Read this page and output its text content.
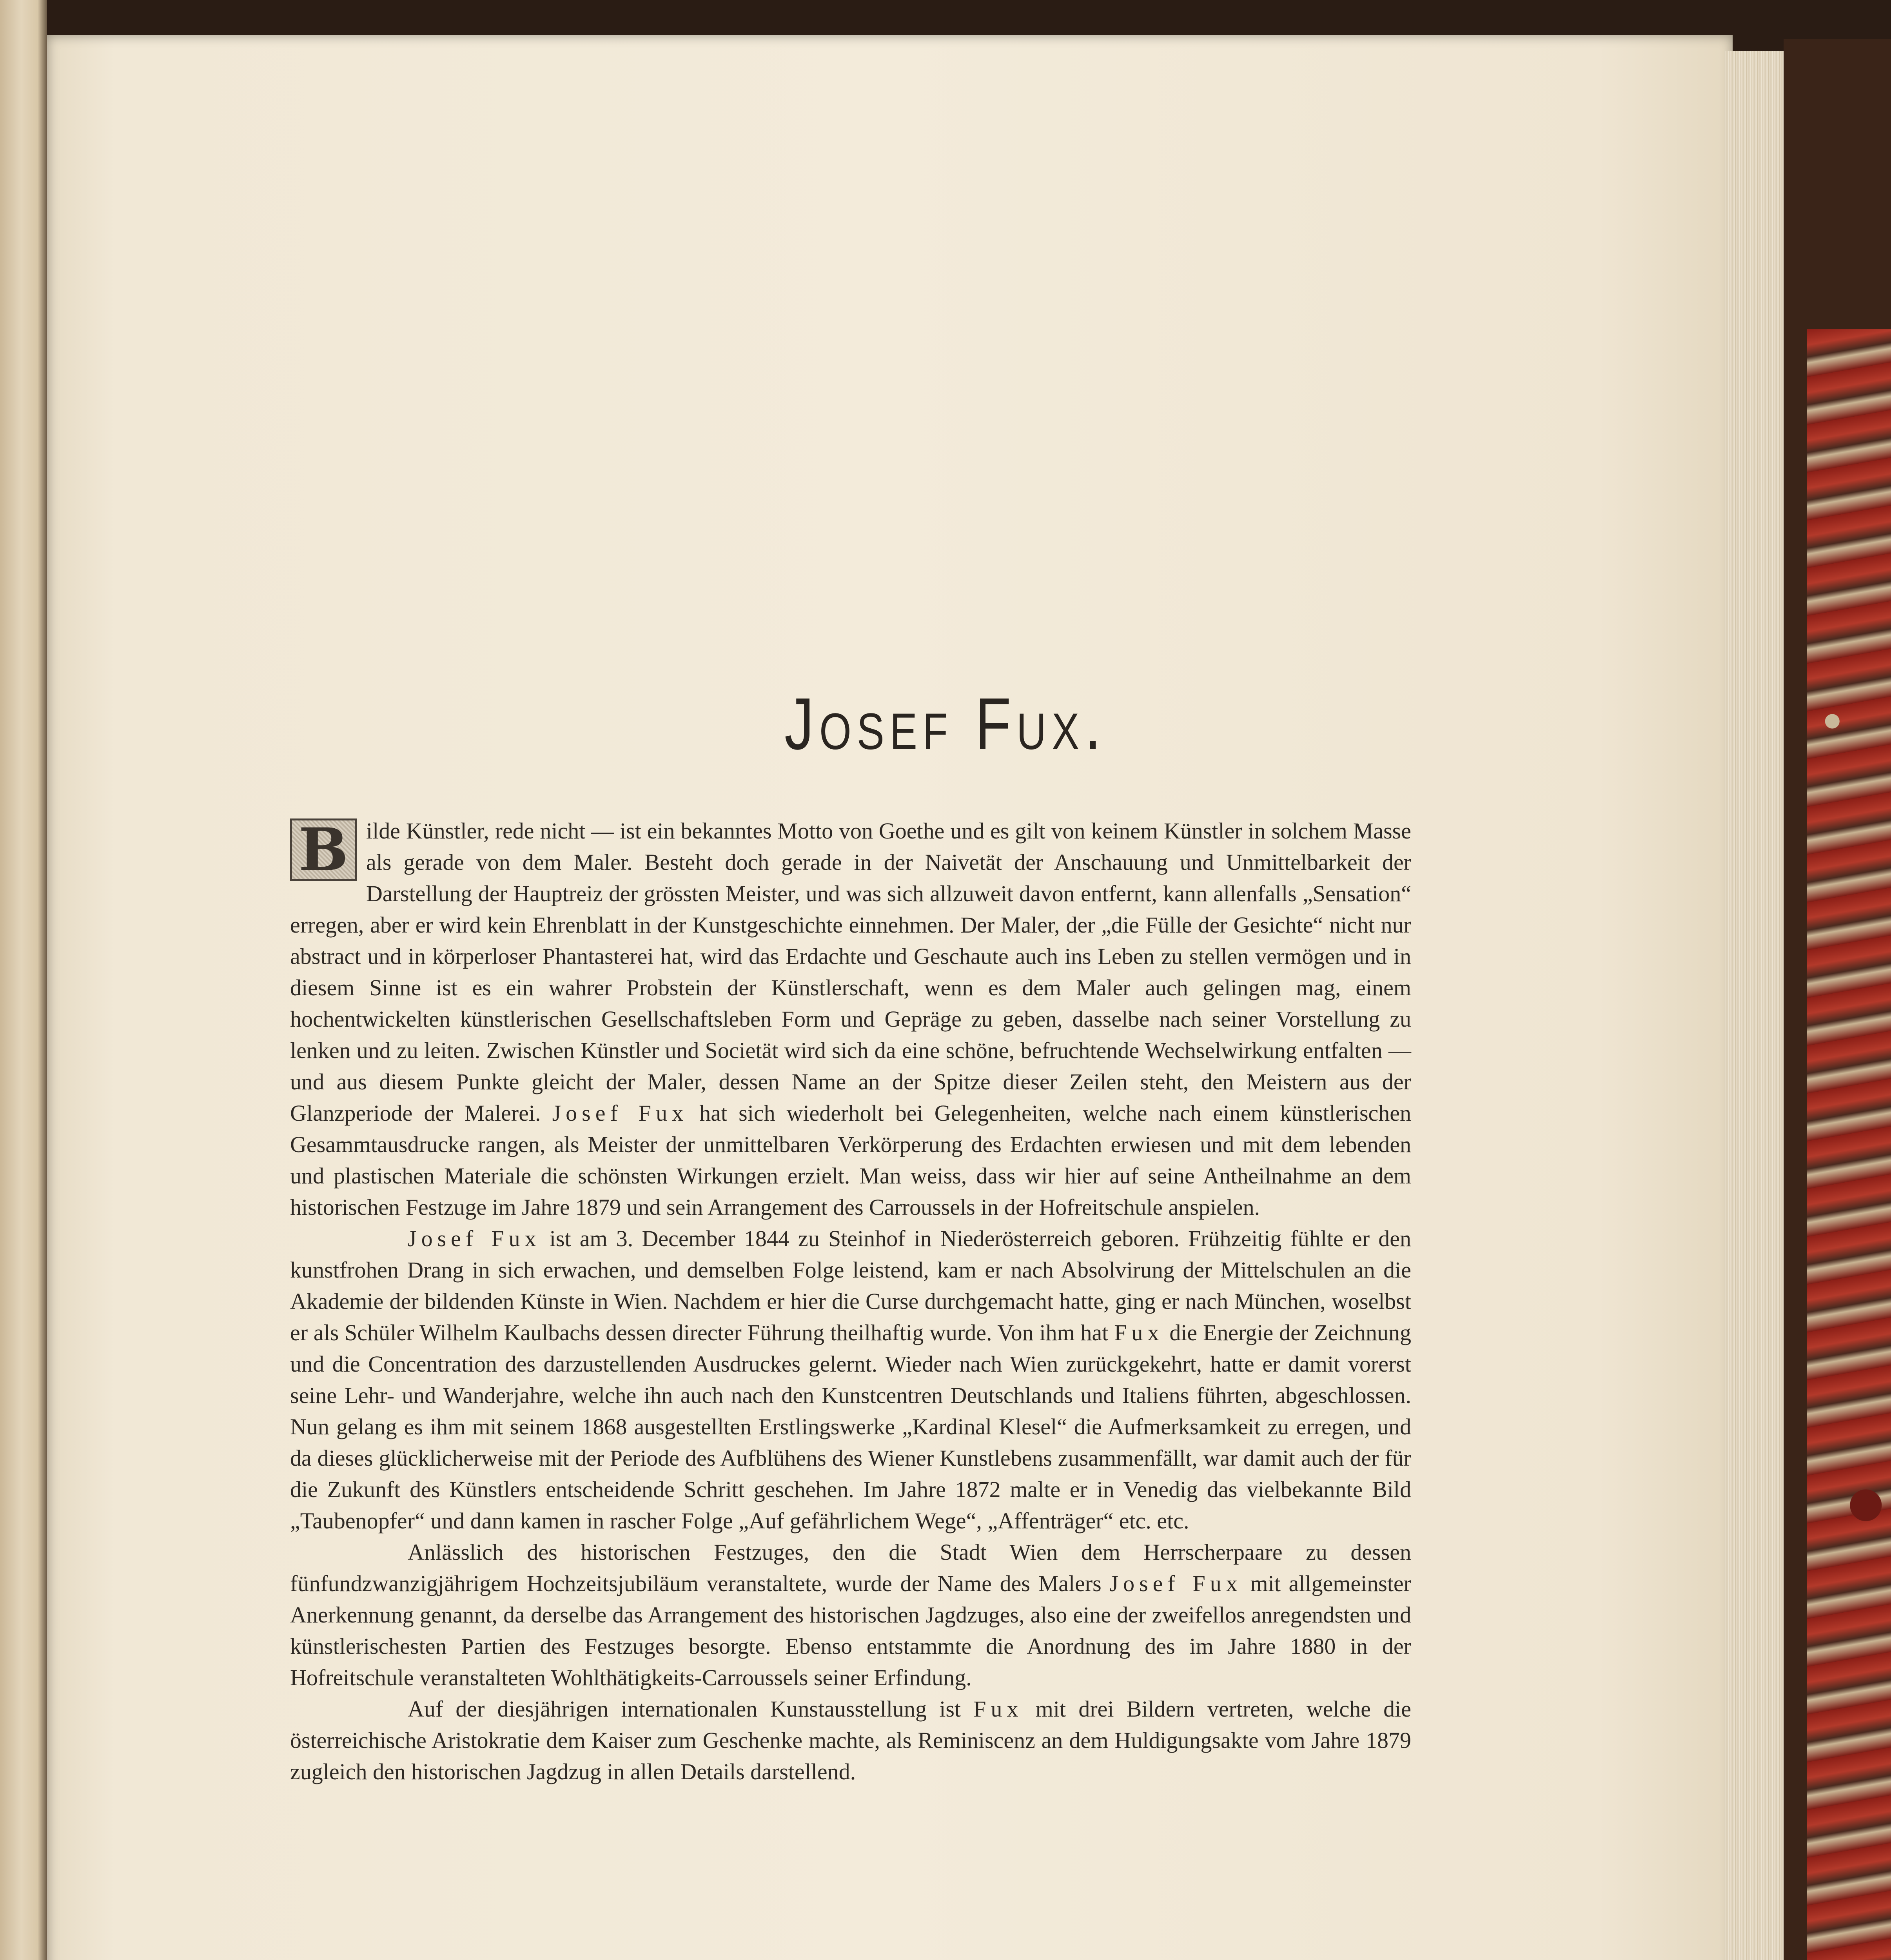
Josef Fux.

B ilde Künstler, rede nicht — ist ein bekanntes Motto von Goethe und es gilt von keinem Künstler in solchem Masse als gerade von dem Maler. Besteht doch gerade in der Naivetät der Anschauung und Unmittelbarkeit der Darstellung der Hauptreiz der grössten Meister, und was sich allzuweit davon entfernt, kann allenfalls „Sensation“ erregen, aber er wird kein Ehrenblatt in der Kunstgeschichte einnehmen. Der Maler, der „die Fülle der Gesichte“ nicht nur abstract und in körperloser Phantasterei hat, wird das Erdachte und Geschaute auch ins Leben zu stellen vermögen und in diesem Sinne ist es ein wahrer Probstein der Künstlerschaft, wenn es dem Maler auch gelingen mag, einem hochentwickelten künstlerischen Gesellschaftsleben Form und Gepräge zu geben, dasselbe nach seiner Vorstellung zu lenken und zu leiten. Zwischen Künstler und Societät wird sich da eine schöne, befruchtende Wechselwirkung entfalten — und aus diesem Punkte gleicht der Maler, dessen Name an der Spitze dieser Zeilen steht, den Meistern aus der Glanzperiode der Malerei. Josef Fux hat sich wiederholt bei Gelegenheiten, welche nach einem künstlerischen Gesammtausdrucke rangen, als Meister der unmittelbaren Verkörperung des Erdachten erwiesen und mit dem lebenden und plastischen Materiale die schönsten Wirkungen erzielt. Man weiss, dass wir hier auf seine Antheilnahme an dem historischen Festzuge im Jahre 1879 und sein Arrangement des Carroussels in der Hofreitschule anspielen.

Josef Fux ist am 3. December 1844 zu Steinhof in Niederösterreich geboren. Frühzeitig fühlte er den kunstfrohen Drang in sich erwachen, und demselben Folge leistend, kam er nach Absolvirung der Mittelschulen an die Akademie der bildenden Künste in Wien. Nachdem er hier die Curse durchgemacht hatte, ging er nach München, woselbst er als Schüler Wilhelm Kaulbachs dessen directer Führung theilhaftig wurde. Von ihm hat Fux die Energie der Zeichnung und die Concentration des darzustellenden Ausdruckes gelernt. Wieder nach Wien zurückgekehrt, hatte er damit vorerst seine Lehr- und Wanderjahre, welche ihn auch nach den Kunstcentren Deutschlands und Italiens führten, abgeschlossen. Nun gelang es ihm mit seinem 1868 ausgestellten Erstlingswerke „Kardinal Klesel“ die Aufmerksamkeit zu erregen, und da dieses glücklicherweise mit der Periode des Aufblühens des Wiener Kunstlebens zusammenfällt, war damit auch der für die Zukunft des Künstlers entscheidende Schritt geschehen. Im Jahre 1872 malte er in Venedig das vielbekannte Bild „Taubenopfer“ und dann kamen in rascher Folge „Auf gefährlichem Wege“, „Affenträger“ etc. etc.

Anlässlich des historischen Festzuges, den die Stadt Wien dem Herrscherpaare zu dessen fünfundzwanzigjährigem Hochzeitsjubiläum veranstaltete, wurde der Name des Malers Josef Fux mit allgemeinster Anerkennung genannt, da derselbe das Arrangement des historischen Jagdzuges, also eine der zweifellos anregendsten und künstlerischesten Partien des Festzuges besorgte. Ebenso entstammte die Anordnung des im Jahre 1880 in der Hofreitschule veranstalteten Wohlthätigkeits-Carroussels seiner Erfindung.

Auf der diesjährigen internationalen Kunstausstellung ist Fux mit drei Bildern vertreten, welche die österreichische Aristokratie dem Kaiser zum Geschenke machte, als Reminiscenz an dem Huldigungsakte vom Jahre 1879 zugleich den historischen Jagdzug in allen Details darstellend.
